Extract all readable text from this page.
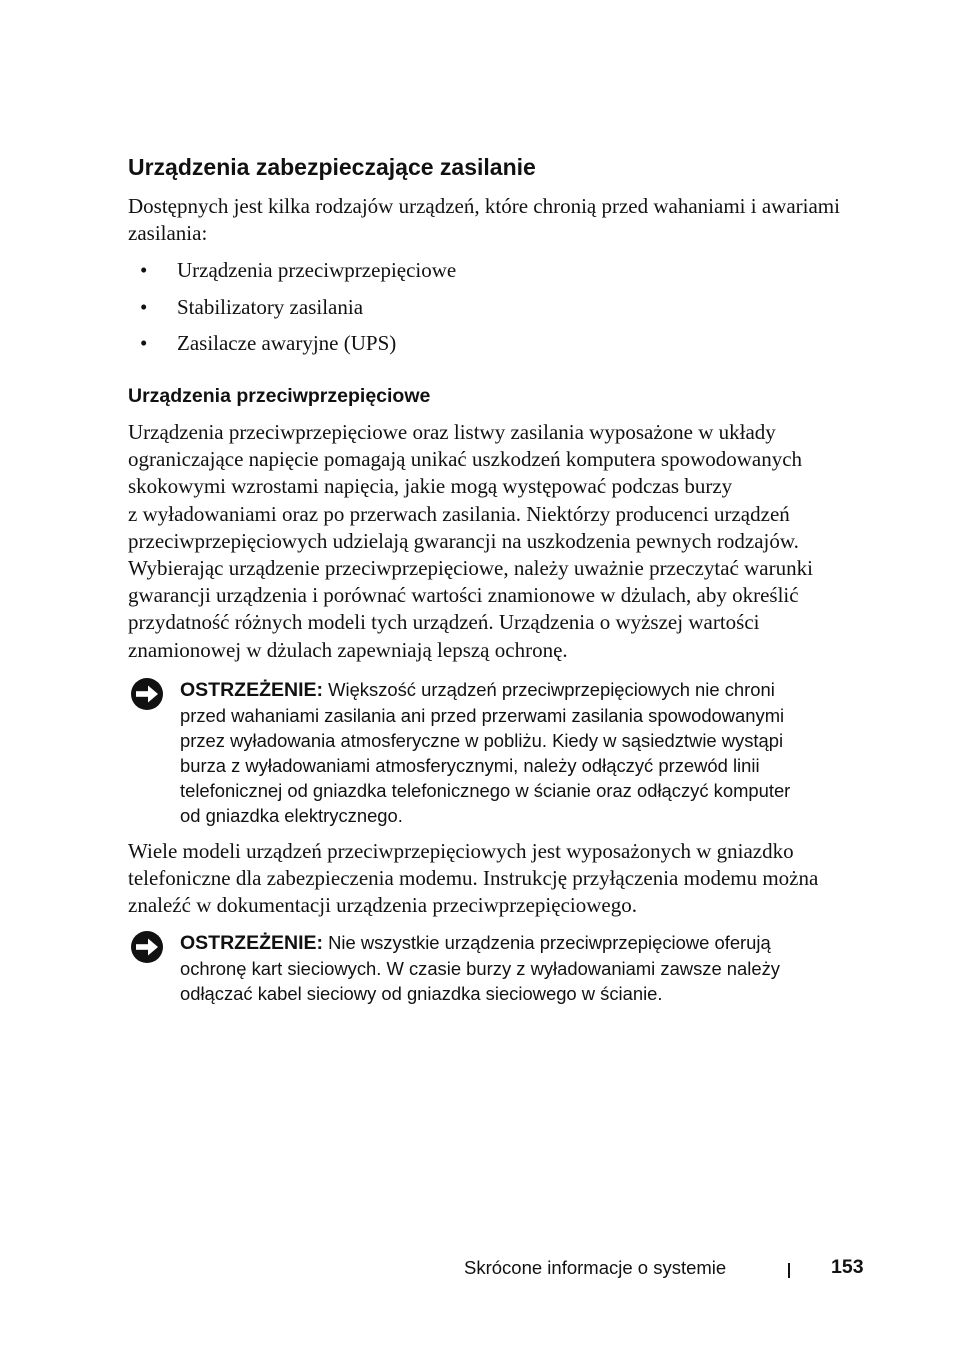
Urządzenia zabezpieczające zasilanie

Dostępnych jest kilka rodzajów urządzeń, które chronią przed wahaniami i awariami
zasilania:

• Urządzenia przeciwprzepięciowe
• Stabilizatory zasilania
• Zasilacze awaryjne (UPS)
Urządzenia przeciwprzepięciowe

Urządzenia przeciwprzepięciowe oraz listwy zasilania wyposażone w układy
ograniczające napięcie pomagają unikać uszkodzeń komputera spowodowanych
skokowymi wzrostami napięcia, jakie mogą występować podczas burzy
z wyładowaniami oraz po przerwach zasilania. Niektórzy producenci urządzeń
przeciwprzepięciowych udzielają gwarancji na uszkodzenia pewnych rodzajów.
Wybierając urządzenie przeciwprzepięciowe, należy uważnie przeczytać warunki
gwarancji urządzenia i porównać wartości znamionowe w dżulach, aby określić
przydatność różnych modeli tych urządzeń. Urządzenia o wyższej wartości
znamionowej w dżulach zapewniają lepszą ochronę.

OSTRZEŻENIE: Większość urządzeń przeciwprzepięciowych nie chroni
przed wahaniami zasilania ani przed przerwami zasilania spowodowanymi
przez wyładowania atmosferyczne w pobliżu. Kiedy w sąsiedztwie wystąpi
burza z wyładowaniami atmosferycznymi, należy odłączyć przewód linii
telefonicznej od gniazdka telefonicznego w ścianie oraz odłączyć komputer
od gniazdka elektrycznego.

Wiele modeli urządzeń przeciwprzepięciowych jest wyposażonych w gniazdko
telefoniczne dla zabezpieczenia modemu. Instrukcję przyłączenia modemu można
znaleźć w dokumentacji urządzenia przeciwprzepięciowego.

OSTRZEŻENIE: Nie wszystkie urządzenia przeciwprzepięciowe oferują
ochronę kart sieciowych. W czasie burzy z wyładowaniami zawsze należy
odłączać kabel sieciowy od gniazdka sieciowego w ścianie.
Skrócone informacje o systemie	153
